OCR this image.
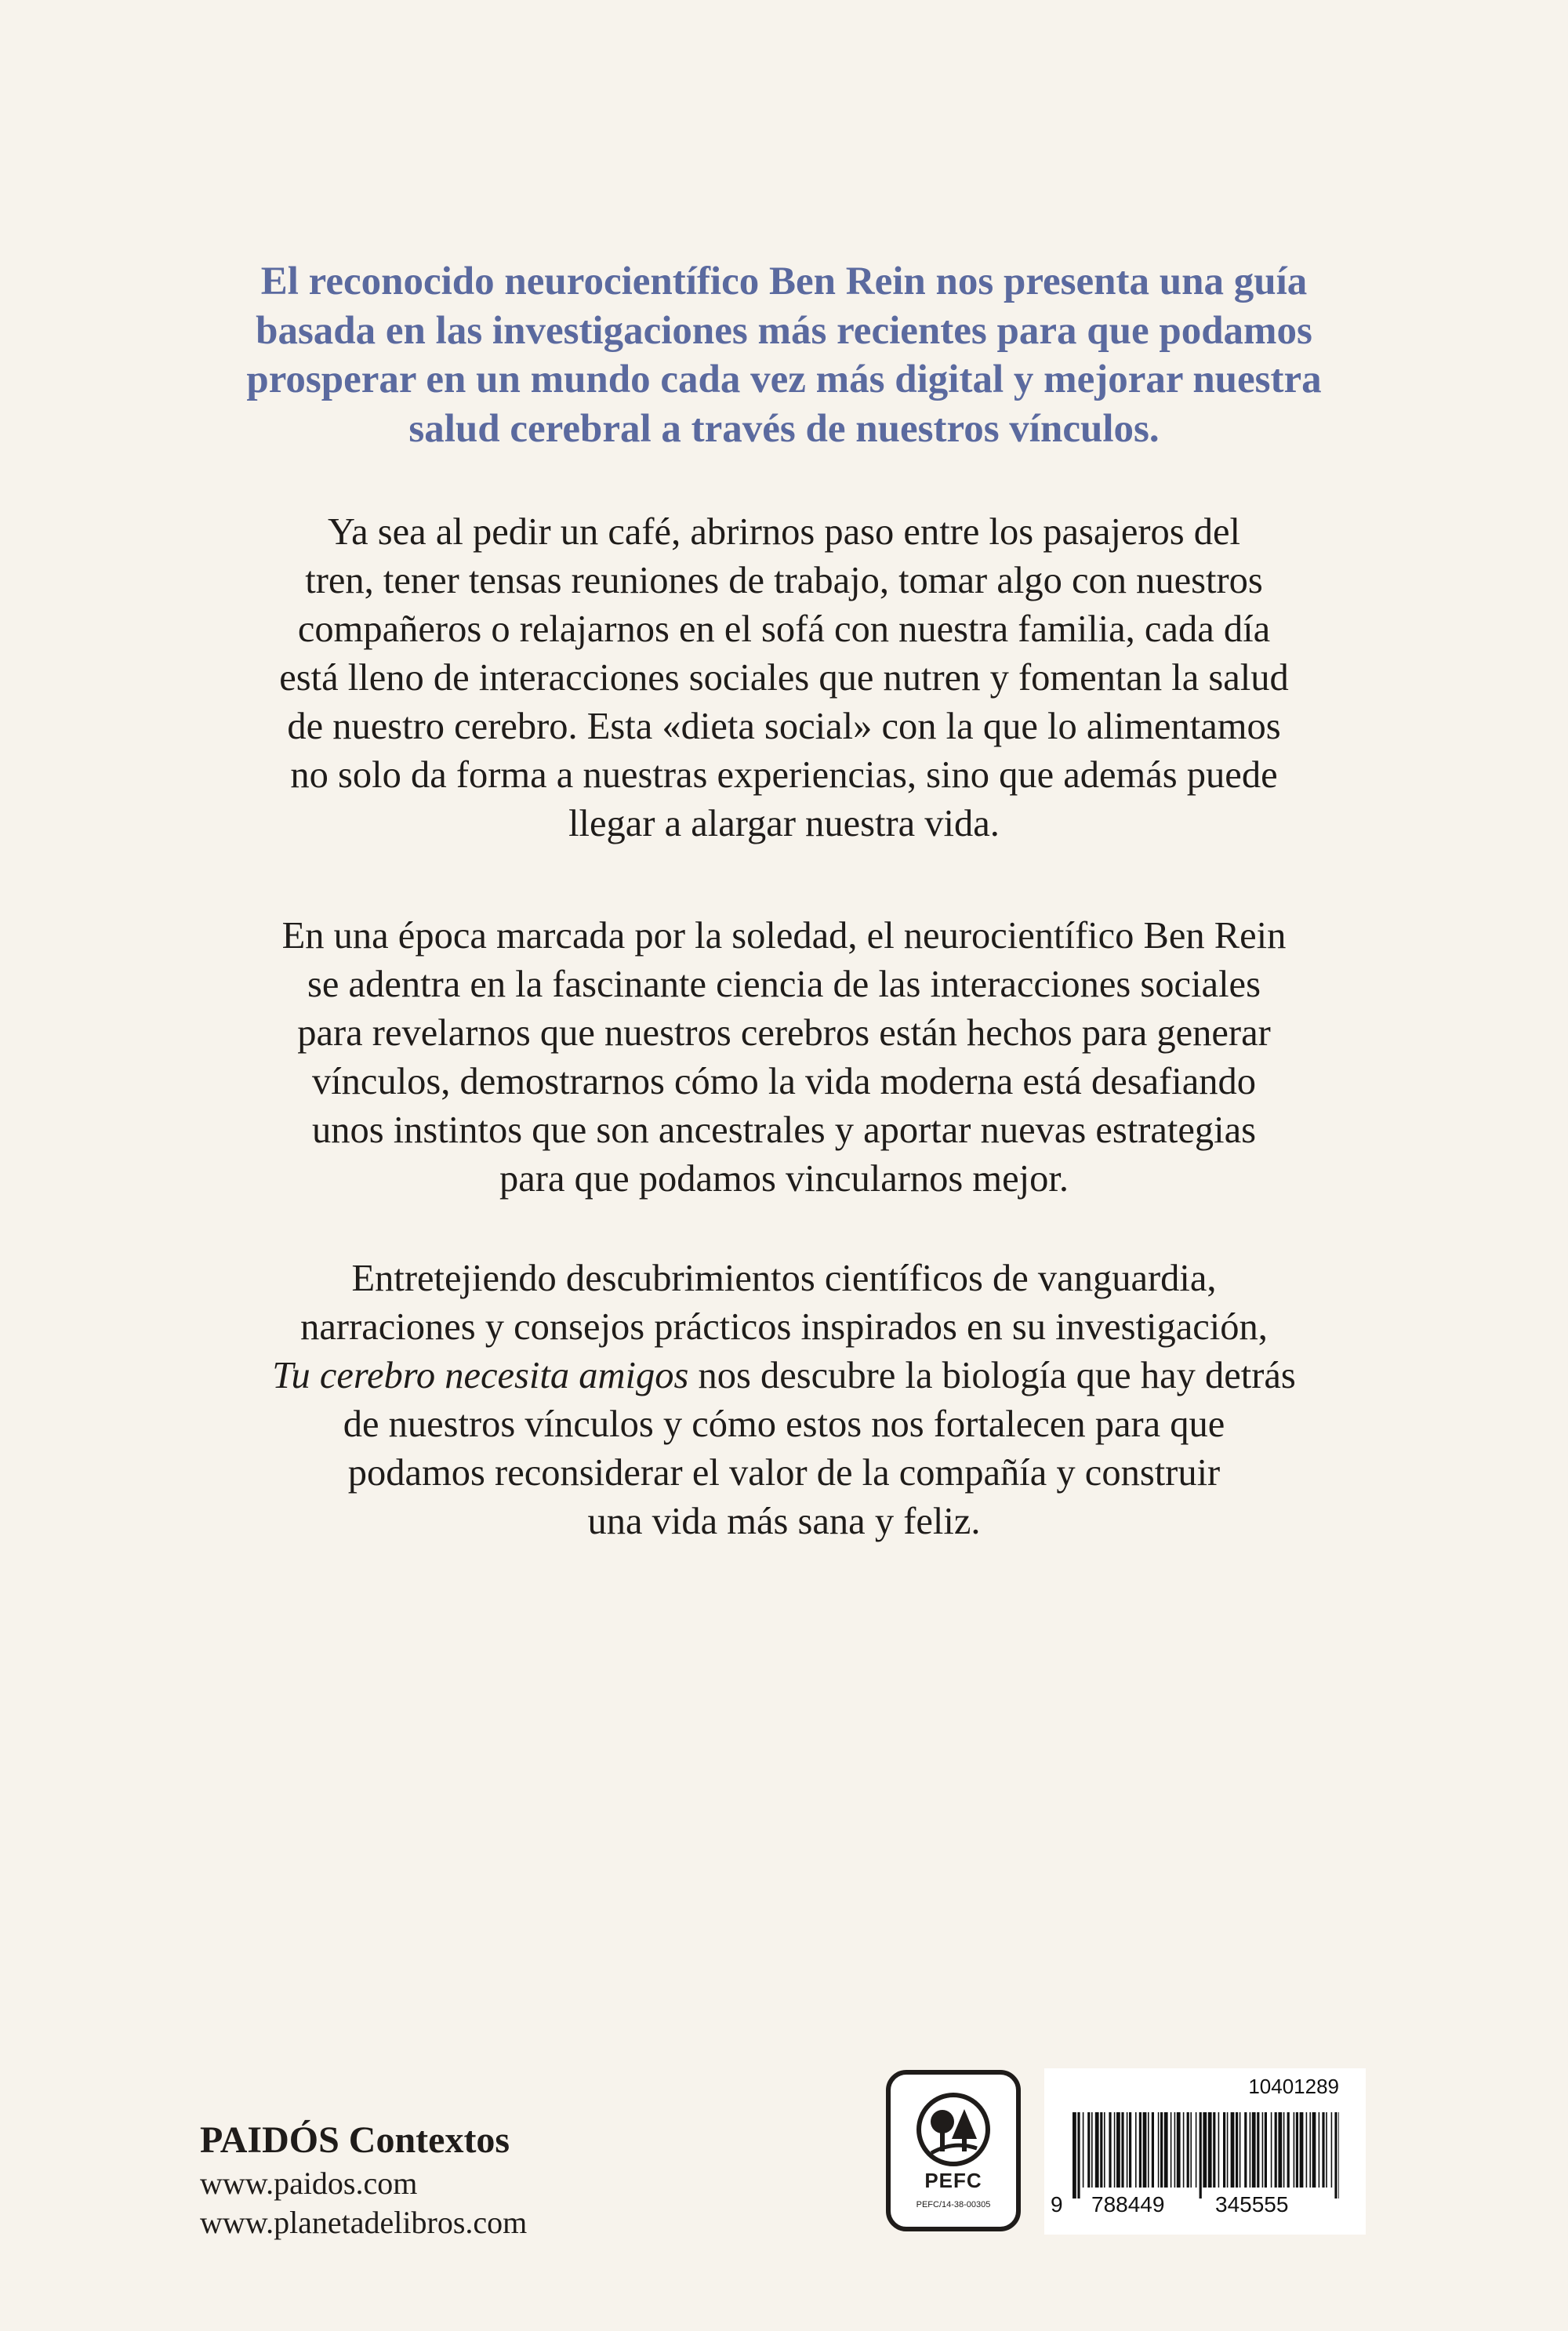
El reconocido neurocientífico Ben Rein nos presenta una guía
basada en las investigaciones más recientes para que podamos
prosperar en un mundo cada vez más digital y mejorar nuestra
salud cerebral a través de nuestros vínculos.

Ya sea al pedir un café, abrirnos paso entre los pasajeros del
tren, tener tensas reuniones de trabajo, tomar algo con nuestros
compañeros o relajarnos en el sofá con nuestra familia, cada día
está lleno de interacciones sociales que nutren y fomentan la salud
de nuestro cerebro. Esta «dieta social» con la que lo alimentamos
no solo da forma a nuestras experiencias, sino que además puede
llegar a alargar nuestra vida.

En una época marcada por la soledad, el neurocientífico Ben Rein
se adentra en la fascinante ciencia de las interacciones sociales
para revelarnos que nuestros cerebros están hechos para generar
vínculos, demostrarnos cómo la vida moderna está desafiando
unos instintos que son ancestrales y aportar nuevas estrategias
para que podamos vincularnos mejor.

Entretejiendo descubrimientos científicos de vanguardia,
narraciones y consejos prácticos inspirados en su investigación,
Tu cerebro necesita amigos nos descubre la biología que hay detrás
de nuestros vínculos y cómo estos nos fortalecen para que
podamos reconsiderar el valor de la compañía y construir
una vida más sana y feliz.

PAIDÓS Contextos
www.paidos.com
www.planetadelibros.com
PEFC
PEFC/14-38-00305
10401289
9 788449 345555
